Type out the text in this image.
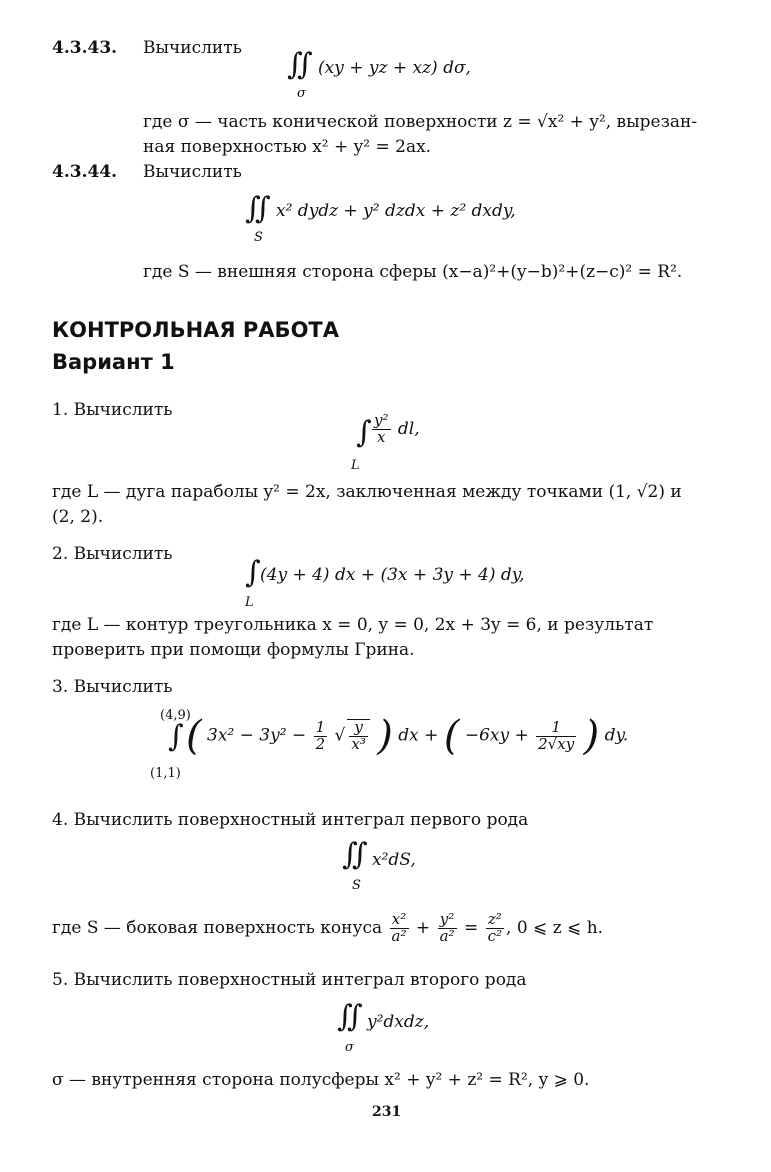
4.3.43. Вычислить ∬
σ
(xy + yz + xz) dσ,
где σ — часть конической поверхности z = √x² + y², вырезан-
ная поверхностью x² + y² = 2ax.
4.3.44. Вычислить
∬
S
x² dydz + y² dzdx + z² dxdy,
где S — внешняя сторона сферы (x−a)²+(y−b)²+(z−c)² = R².
КОНТРОЛЬНАЯ РАБОТА
Вариант 1
1. Вычислить
∫
L
$\frac{\text{y²}}{x}$ dl,
где L — дуга параболы y² = 2x, заключенная между точками (1, √2) и
(2, 2).
2. Вычислить
∫
L
(4y + 4) dx + (3x + 3y + 4) dy,
где L — контур треугольника x = 0, y = 0, 2x + 3y = 6, и результат
проверить при помощи формулы Грина.
3. Вычислить
(4,9)
∫
(1,1)
( $3x^2 - 3y^2 - \frac{1}{2}$ √ $\frac{y}{\text{x³}}$ ) dx + ( $-6xy + \frac{1}{2√xy}$ ) dy.
4. Вычислить поверхностный интеграл первого рода
∬
S
x²dS,
где S — боковая поверхность конуса $\frac{\text{x²}}{\text{a²}} + \frac{\text{y²}}{\text{a²}} = \frac{\text{z²}}{\text{c²}}$ , 0 ⩽ z ⩽ h.
5. Вычислить поверхностный интеграл второго рода
∬
σ
y²dxdz,
σ — внутренняя сторона полусферы x² + y² + z² = R², y ⩾ 0.
231
